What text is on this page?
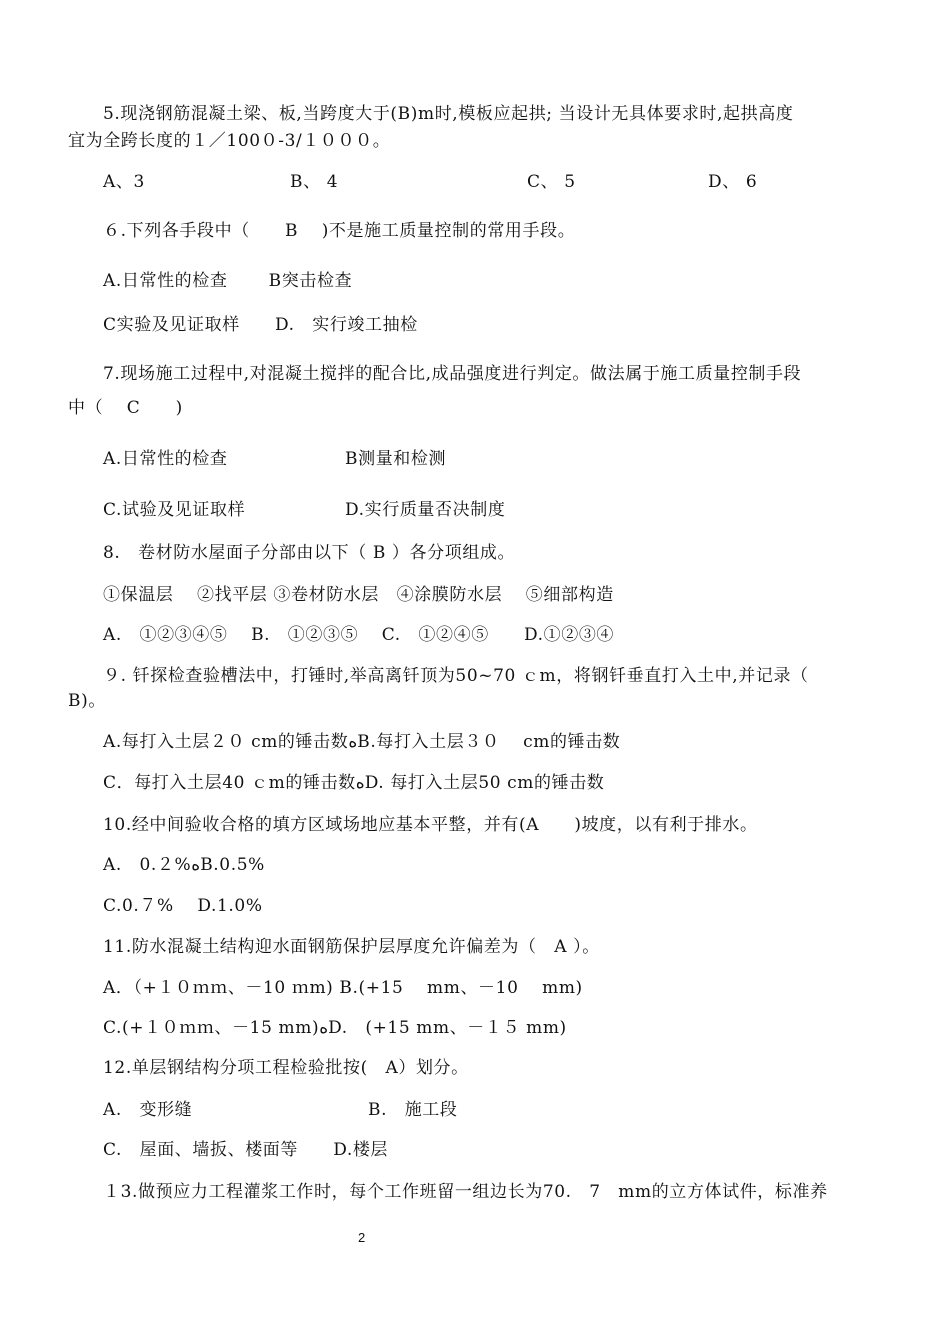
5.现浇钢筋混凝土梁、板,当跨度大于(B)m时,模板应起拱; 当设计无具体要求时,起拱高度
宜为全跨长度的１／100０-3/１０００。
A、3	B、 4	C、 5	D、 6
６.下列各手段中（　　B　 )不是施工质量控制的常用手段。
A.日常性的检查　　 B突击检查
C实验及见证取样　　D.　实行竣工抽检
7.现场施工过程中,对混凝土搅拌的配合比,成品强度进行判定。做法属于施工质量控制手段
中（　 C　　)
A.日常性的检查	B测量和检测
C.试验及见证取样	D.实行质量否决制度
8.　卷材防水屋面子分部由以下（ B ）各分项组成。
①保温层　 ②找平层 ③卷材防水层　④涂膜防水层　 ⑤细部构造
A.　①②③④⑤　 B.　①②③⑤　 C.　①②④⑤　　D.①②③④
９. 钎探检查验槽法中，打锤时,举高离钎顶为50~70 ｃm，将钢钎垂直打入土中,并记录（
B)。
A.每打入土层２０ cm的锤击数ﻩB.每打入土层３０　 cm的锤击数
C．每打入土层40 ｃm的锤击数ﻩD. 每打入土层50 cm的锤击数
10.经中间验收合格的填方区域场地应基本平整，并有(A　　)坡度，以有利于排水。
A.　0.２%ﻩB.0.5%
C.0.７%　 D.1.0%
11.防水混凝土结构迎水面钢筋保护层厚度允许偏差为（　A ）。
A．（+１０ｍｍ、－10 ｍm) B.(+15　 mm、－10　 mm)
C.(+１０ｍｍ、－15 mm)ﻩD.　(+15 mm、－１５ mm)
12.单层钢结构分项工程检验批按(　A）划分。
A.　变形缝	B.　施工段
C.　屋面、墙扳、楼面等　　D.楼层
１3.做预应力工程灌浆工作时，每个工作班留一组边长为70.　7　mm的立方体试件，标准养
2
